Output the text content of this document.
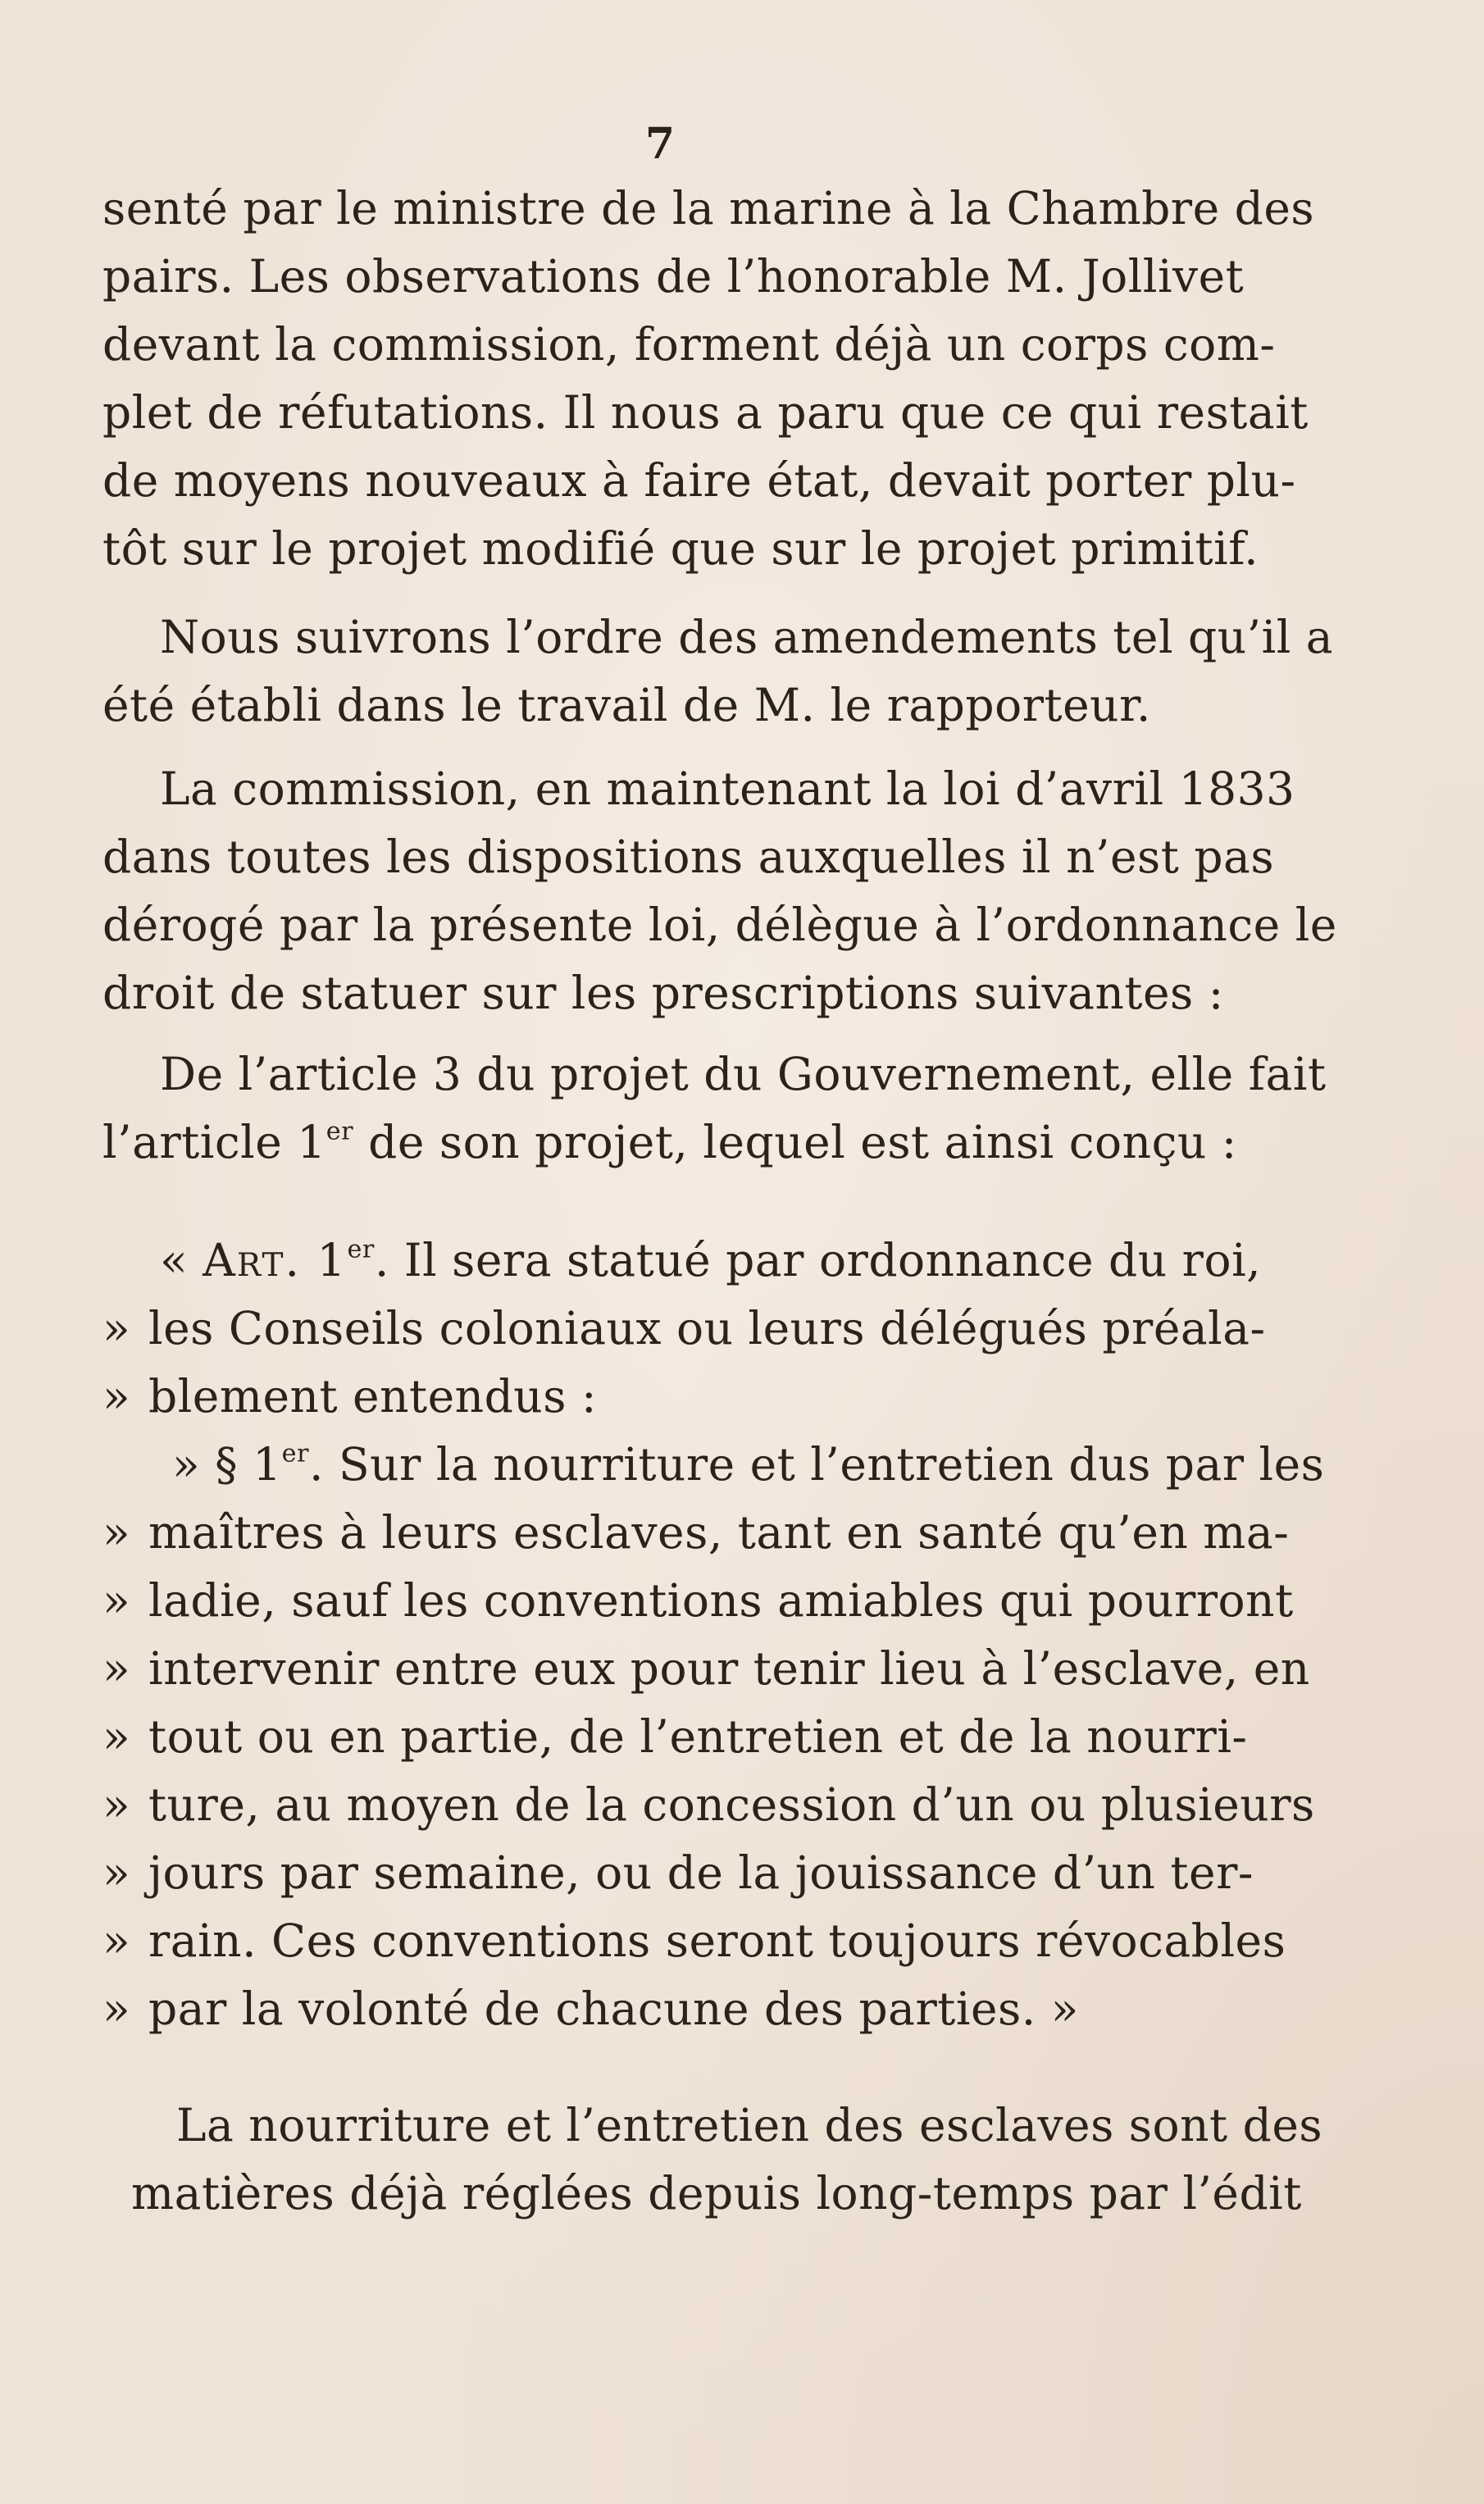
7
senté par le ministre de la marine à la Chambre des
pairs. Les observations de l’honorable M. Jollivet
devant la commission, forment déjà un corps com-
plet de réfutations. Il nous a paru que ce qui restait
de moyens nouveaux à faire état, devait porter plu-
tôt sur le projet modifié que sur le projet primitif.
Nous suivrons l’ordre des amendements tel qu’il a
été établi dans le travail de M. le rapporteur.
La commission, en maintenant la loi d’avril 1833
dans toutes les dispositions auxquelles il n’est pas
dérogé par la présente loi, délègue à l’ordonnance le
droit de statuer sur les prescriptions suivantes :
De l’article 3 du projet du Gouvernement, elle fait
l’article 1er de son projet, lequel est ainsi conçu :
« Art. 1er. Il sera statué par ordonnance du roi,
» les Conseils coloniaux ou leurs délégués préala-
» blement entendus :
» § 1er. Sur la nourriture et l’entretien dus par les
» maîtres à leurs esclaves, tant en santé qu’en ma-
» ladie, sauf les conventions amiables qui pourront
» intervenir entre eux pour tenir lieu à l’esclave, en
» tout ou en partie, de l’entretien et de la nourri-
» ture, au moyen de la concession d’un ou plusieurs
» jours par semaine, ou de la jouissance d’un ter-
» rain. Ces conventions seront toujours révocables
» par la volonté de chacune des parties. »
La nourriture et l’entretien des esclaves sont des
matières déjà réglées depuis long-temps par l’édit
